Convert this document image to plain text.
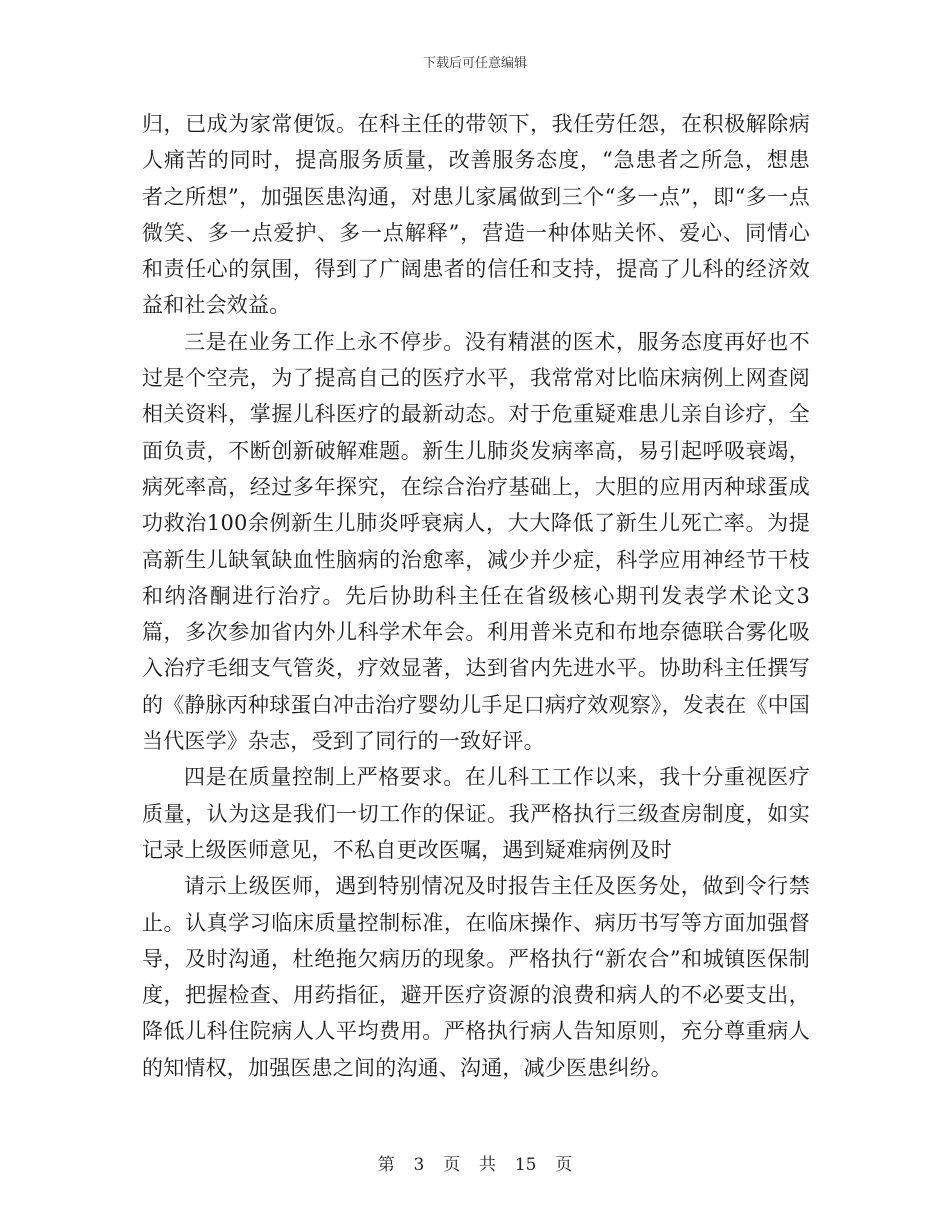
下载后可任意编辑

归，已成为家常便饭。在科主任的带领下，我任劳任怨，在积极解除病人痛苦的同时，提高服务质量，改善服务态度，“急患者之所急，想患者之所想”，加强医患沟通，对患儿家属做到三个“多一点”，即“多一点微笑、多一点爱护、多一点解释”，营造一种体贴关怀、爱心、同情心和责任心的氛围，得到了广阔患者的信任和支持，提高了儿科的经济效益和社会效益。

三是在业务工作上永不停步。没有精湛的医术，服务态度再好也不过是个空壳，为了提高自己的医疗水平，我常常对比临床病例上网查阅相关资料，掌握儿科医疗的最新动态。对于危重疑难患儿亲自诊疗，全面负责，不断创新破解难题。新生儿肺炎发病率高，易引起呼吸衰竭，病死率高，经过多年探究，在综合治疗基础上，大胆的应用丙种球蛋成功救治100余例新生儿肺炎呼衰病人，大大降低了新生儿死亡率。为提高新生儿缺氧缺血性脑病的治愈率，减少并少症，科学应用神经节干枝和纳洛酮进行治疗。先后协助科主任在省级核心期刊发表学术论文3篇，多次参加省内外儿科学术年会。利用普米克和布地奈德联合雾化吸入治疗毛细支气管炎，疗效显著，达到省内先进水平。协助科主任撰写的《静脉丙种球蛋白冲击治疗婴幼儿手足口病疗效观察》，发表在《中国当代医学》杂志，受到了同行的一致好评。

四是在质量控制上严格要求。在儿科工工作以来，我十分重视医疗质量，认为这是我们一切工作的保证。我严格执行三级查房制度，如实记录上级医师意见，不私自更改医嘱，遇到疑难病例及时

请示上级医师，遇到特别情况及时报告主任及医务处，做到令行禁止。认真学习临床质量控制标准，在临床操作、病历书写等方面加强督导，及时沟通，杜绝拖欠病历的现象。严格执行“新农合”和城镇医保制度，把握检查、用药指征，避开医疗资源的浪费和病人的不必要支出，降低儿科住院病人人平均费用。严格执行病人告知原则，充分尊重病人的知情权，加强医患之间的沟通、沟通，减少医患纠纷。

第 3 页 共 15 页
